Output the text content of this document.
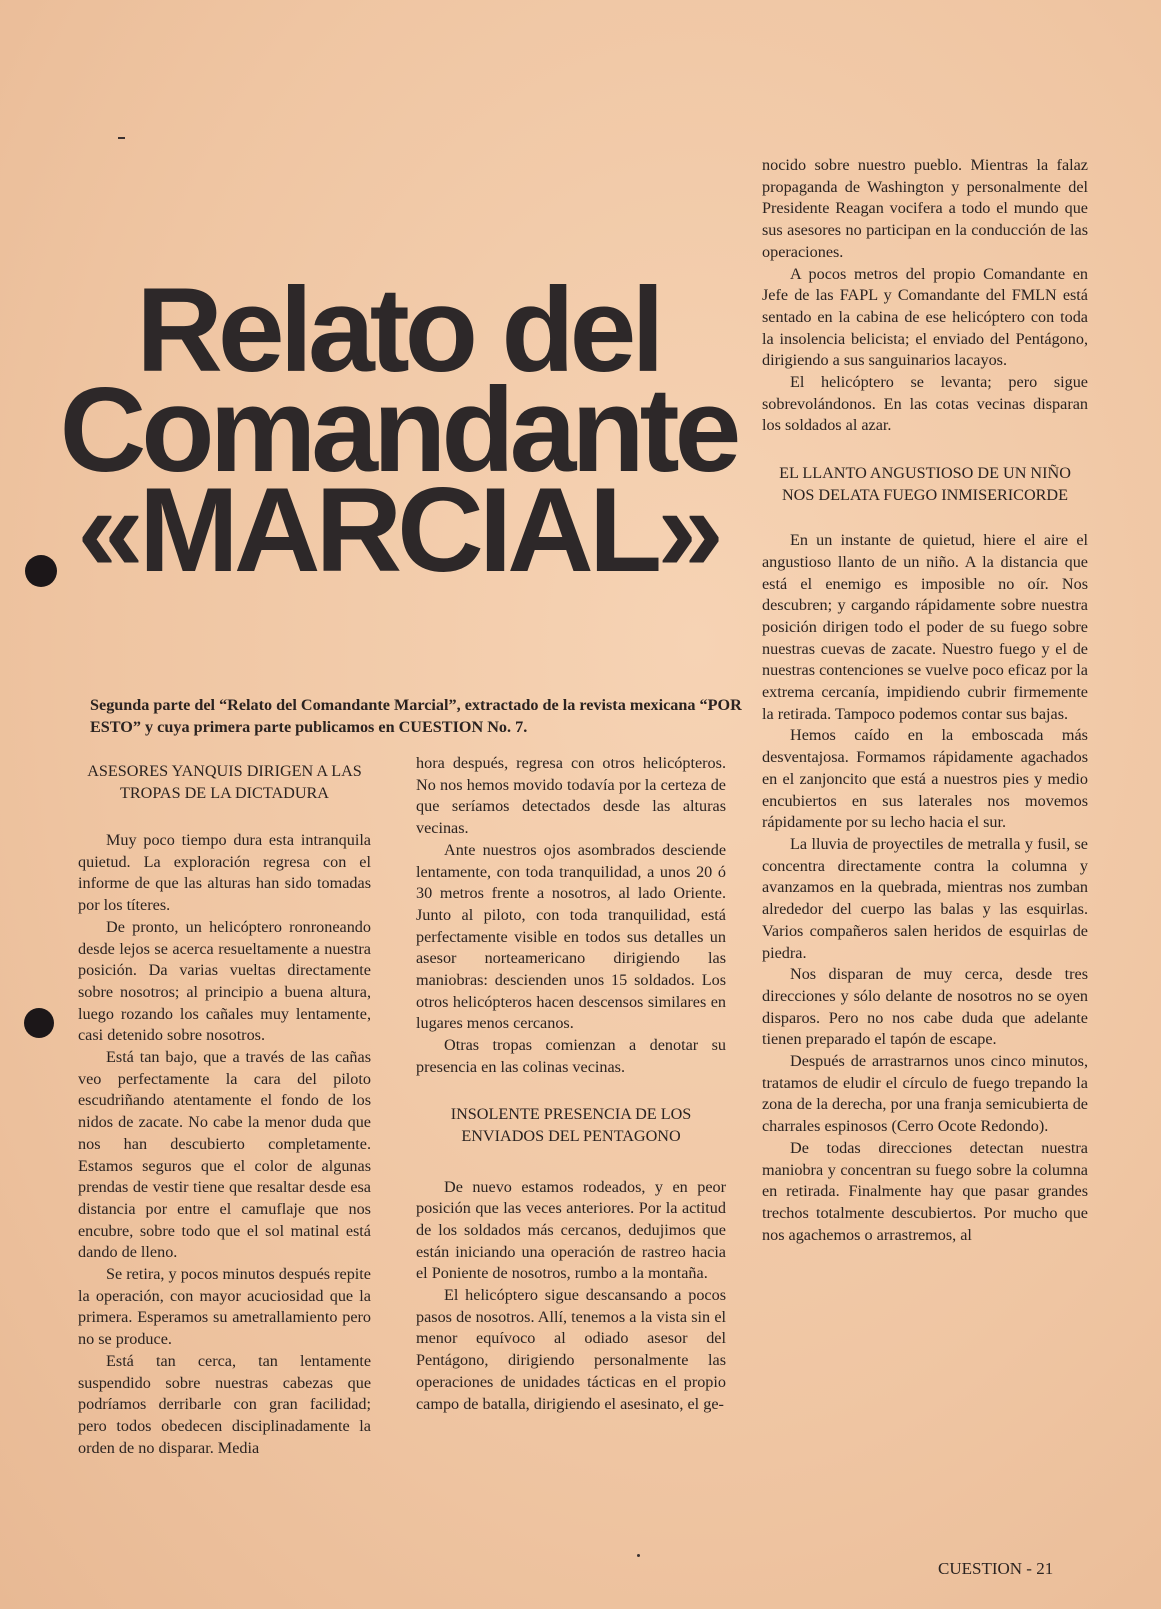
Relato del
Comandante
«MARCIAL»

Segunda parte del “Relato del Comandante Marcial”, extractado de la revista mexicana “POR ESTO” y cuya primera parte publicamos en CUESTION No. 7.

ASESORES YANQUIS DIRIGEN A LAS TROPAS DE LA DICTADURA

Muy poco tiempo dura esta intranquila quietud. La exploración regresa con el informe de que las alturas han sido tomadas por los títeres.

De pronto, un helicóptero ronroneando desde lejos se acerca resueltamente a nuestra posición. Da varias vueltas directamente sobre nosotros; al principio a buena altura, luego rozando los cañales muy lentamente, casi detenido sobre nosotros.

Está tan bajo, que a través de las cañas veo perfectamente la cara del piloto escudriñando atentamente el fondo de los nidos de zacate. No cabe la menor duda que nos han descubierto completamente. Estamos seguros que el color de algunas prendas de vestir tiene que resaltar desde esa distancia por entre el camuflaje que nos encubre, sobre todo que el sol matinal está dando de lleno.

Se retira, y pocos minutos después repite la operación, con mayor acuciosidad que la primera. Esperamos su ametrallamiento pero no se produce.

Está tan cerca, tan lentamente suspendido sobre nuestras cabezas que podríamos derribarle con gran facilidad; pero todos obedecen disciplinadamente la orden de no disparar. Media

hora después, regresa con otros helicópteros. No nos hemos movido todavía por la certeza de que seríamos detectados desde las alturas vecinas.

Ante nuestros ojos asombrados desciende lentamente, con toda tranquilidad, a unos 20 ó 30 metros frente a nosotros, al lado Oriente. Junto al piloto, con toda tranquilidad, está perfectamente visible en todos sus detalles un asesor norteamericano dirigiendo las maniobras: descienden unos 15 soldados. Los otros helicópteros hacen descensos similares en lugares menos cercanos.

Otras tropas comienzan a denotar su presencia en las colinas vecinas.

INSOLENTE PRESENCIA DE LOS ENVIADOS DEL PENTAGONO

De nuevo estamos rodeados, y en peor posición que las veces anteriores. Por la actitud de los soldados más cercanos, dedujimos que están iniciando una operación de rastreo hacia el Poniente de nosotros, rumbo a la montaña.

El helicóptero sigue descansando a pocos pasos de nosotros. Allí, tenemos a la vista sin el menor equívoco al odiado asesor del Pentágono, dirigiendo personalmente las operaciones de unidades tácticas en el propio campo de batalla, dirigiendo el asesinato, el ge-

nocido sobre nuestro pueblo. Mientras la falaz propaganda de Washington y personalmente del Presidente Reagan vocifera a todo el mundo que sus asesores no participan en la conducción de las operaciones.

A pocos metros del propio Comandante en Jefe de las FAPL y Comandante del FMLN está sentado en la cabina de ese helicóptero con toda la insolencia belicista; el enviado del Pentágono, dirigiendo a sus sanguinarios lacayos.

El helicóptero se levanta; pero sigue sobrevolándonos. En las cotas vecinas disparan los soldados al azar.

EL LLANTO ANGUSTIOSO DE UN NIÑO NOS DELATA FUEGO INMISERICORDE

En un instante de quietud, hiere el aire el angustioso llanto de un niño. A la distancia que está el enemigo es imposible no oír. Nos descubren; y cargando rápidamente sobre nuestra posición dirigen todo el poder de su fuego sobre nuestras cuevas de zacate. Nuestro fuego y el de nuestras contenciones se vuelve poco eficaz por la extrema cercanía, impidiendo cubrir firmemente la retirada. Tampoco podemos contar sus bajas.

Hemos caído en la emboscada más desventajosa. Formamos rápidamente agachados en el zanjoncito que está a nuestros pies y medio encubiertos en sus laterales nos movemos rápidamente por su lecho hacia el sur.

La lluvia de proyectiles de metralla y fusil, se concentra directamente contra la columna y avanzamos en la quebrada, mientras nos zumban alrededor del cuerpo las balas y las esquirlas. Varios compañeros salen heridos de esquirlas de piedra.

Nos disparan de muy cerca, desde tres direcciones y sólo delante de nosotros no se oyen disparos. Pero no nos cabe duda que adelante tienen preparado el tapón de escape.

Después de arrastrarnos unos cinco minutos, tratamos de eludir el círculo de fuego trepando la zona de la derecha, por una franja semicubierta de charrales espinosos (Cerro Ocote Redondo).

De todas direcciones detectan nuestra maniobra y concentran su fuego sobre la columna en retirada. Finalmente hay que pasar grandes trechos totalmente descubiertos. Por mucho que nos agachemos o arrastremos, al

CUESTION - 21
